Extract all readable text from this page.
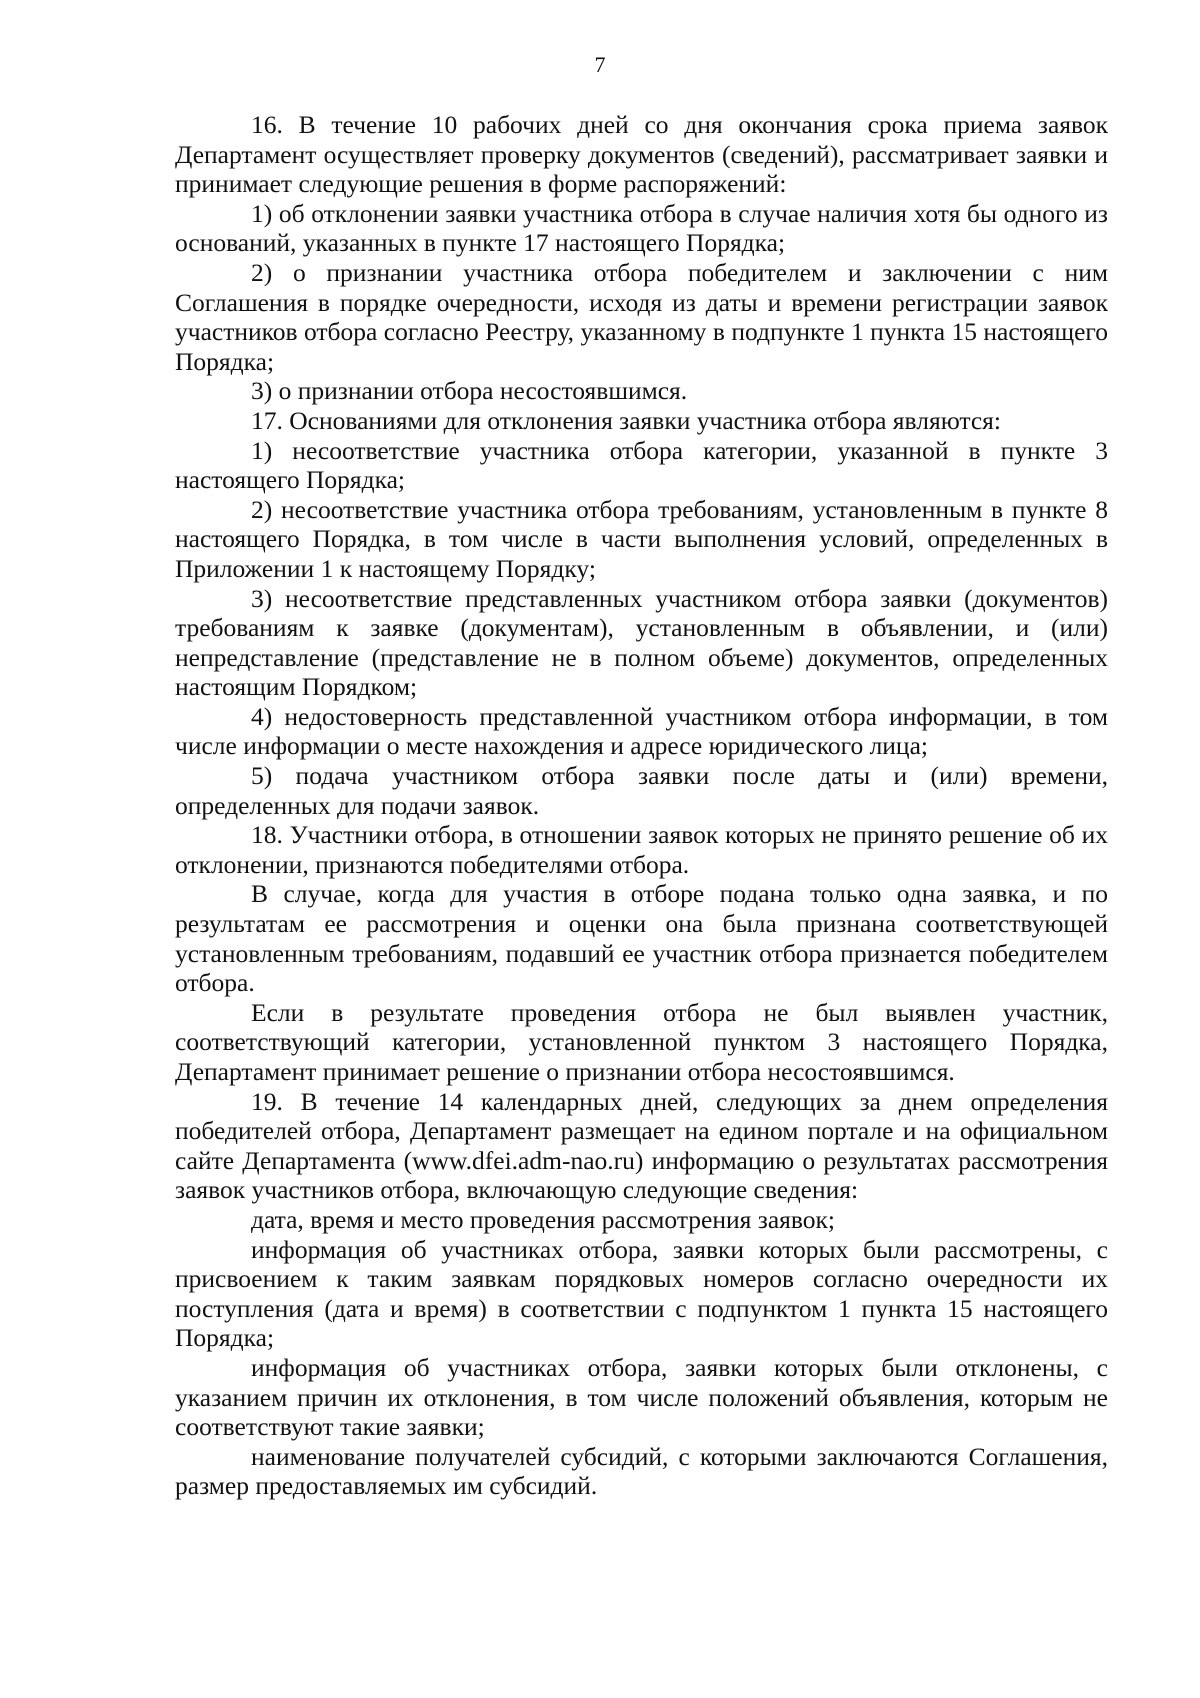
7

16. В течение 10 рабочих дней со дня окончания срока приема заявок Департамент осуществляет проверку документов (сведений), рассматривает заявки и принимает следующие решения в форме распоряжений:

1) об отклонении заявки участника отбора в случае наличия хотя бы одного из оснований, указанных в пункте 17 настоящего Порядка;

2) о признании участника отбора победителем и заключении с ним Соглашения в порядке очередности, исходя из даты и времени регистрации заявок участников отбора согласно Реестру, указанному в подпункте 1 пункта 15 настоящего Порядка;

3) о признании отбора несостоявшимся.

17. Основаниями для отклонения заявки участника отбора являются:

1) несоответствие участника отбора категории, указанной в пункте 3 настоящего Порядка;

2) несоответствие участника отбора требованиям, установленным в пункте 8 настоящего Порядка, в том числе в части выполнения условий, определенных в Приложении 1 к настоящему Порядку;

3) несоответствие представленных участником отбора заявки (документов) требованиям к заявке (документам), установленным в объявлении, и (или) непредставление (представление не в полном объеме) документов, определенных настоящим Порядком;

4) недостоверность представленной участником отбора информации, в том числе информации о месте нахождения и адресе юридического лица;

5) подача участником отбора заявки после даты и (или) времени, определенных для подачи заявок.

18. Участники отбора, в отношении заявок которых не принято решение об их отклонении, признаются победителями отбора.

В случае, когда для участия в отборе подана только одна заявка, и по результатам ее рассмотрения и оценки она была признана соответствующей установленным требованиям, подавший ее участник отбора признается победителем отбора.

Если в результате проведения отбора не был выявлен участник, соответствующий категории, установленной пунктом 3 настоящего Порядка, Департамент принимает решение о признании отбора несостоявшимся.

19. В течение 14 календарных дней, следующих за днем определения победителей отбора, Департамент размещает на едином портале и на официальном сайте Департамента (www.dfei.adm-nao.ru) информацию о результатах рассмотрения заявок участников отбора, включающую следующие сведения:

дата, время и место проведения рассмотрения заявок;

информация об участниках отбора, заявки которых были рассмотрены, с присвоением к таким заявкам порядковых номеров согласно очередности их поступления (дата и время) в соответствии с подпунктом 1 пункта 15 настоящего Порядка;

информация об участниках отбора, заявки которых были отклонены, с указанием причин их отклонения, в том числе положений объявления, которым не соответствуют такие заявки;

наименование получателей субсидий, с которыми заключаются Соглашения, размер предоставляемых им субсидий.
